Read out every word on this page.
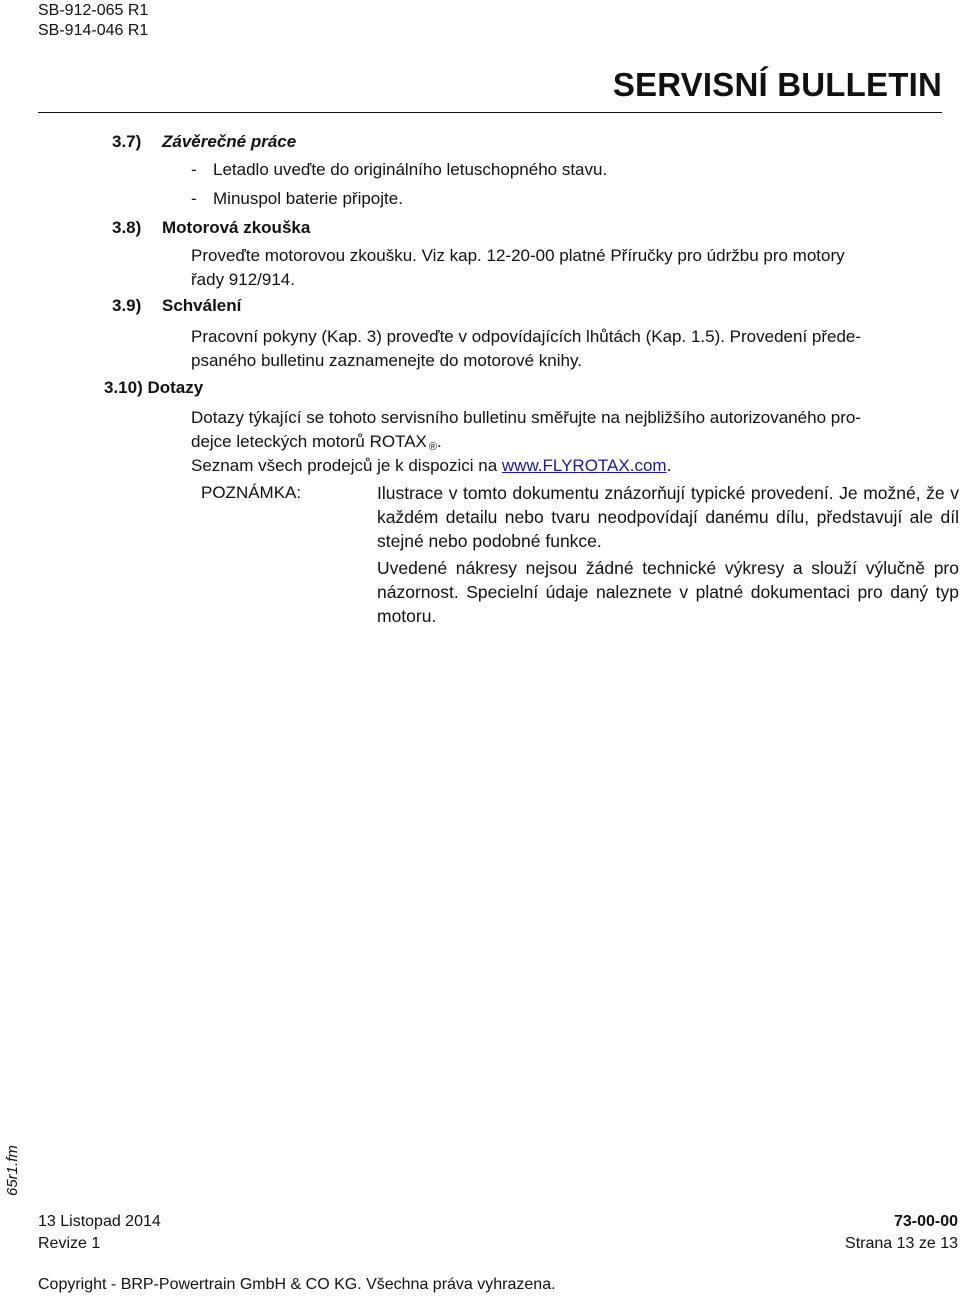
SB-912-065 R1
SB-914-046 R1
SERVISNÍ BULLETIN
3.7) Závěrečné práce
- Letadlo uveďte do originálního letuschopného stavu.
- Minuspol baterie připojte.
3.8) Motorová zkouška
Proveďte motorovou zkoušku. Viz kap. 12-20-00 platné Příručky pro údržbu pro motory
řady 912/914.
3.9) Schválení
Pracovní pokyny (Kap. 3) proveďte v odpovídajících lhůtách (Kap. 1.5). Provedení přede-
psaného bulletinu zaznamenejte do motorové knihy.
3.10) Dotazy
Dotazy týkající se tohoto servisního bulletinu směřujte na nejbližšího autorizovaného pro-
dejce leteckých motorů ROTAX ®.
Seznam všech prodejců je k dispozici na www.FLYROTAX.com.
POZNÁMKA:	Ilustrace v tomto dokumentu znázorňují typické provedení. Je možné, že v každém detailu nebo tvaru neodpovídají danému dílu, představují ale díl stejné nebo podobné funkce.
Uvedené nákresy nejsou žádné technické výkresy a slouží výlučně pro názornost. Specielní údaje naleznete v platné dokumentaci pro daný typ motoru.
65r1.fm
13 Listopad 2014
Revize 1
73-00-00
Strana 13 ze 13
Copyright - BRP-Powertrain GmbH & CO KG. Všechna práva vyhrazena.
